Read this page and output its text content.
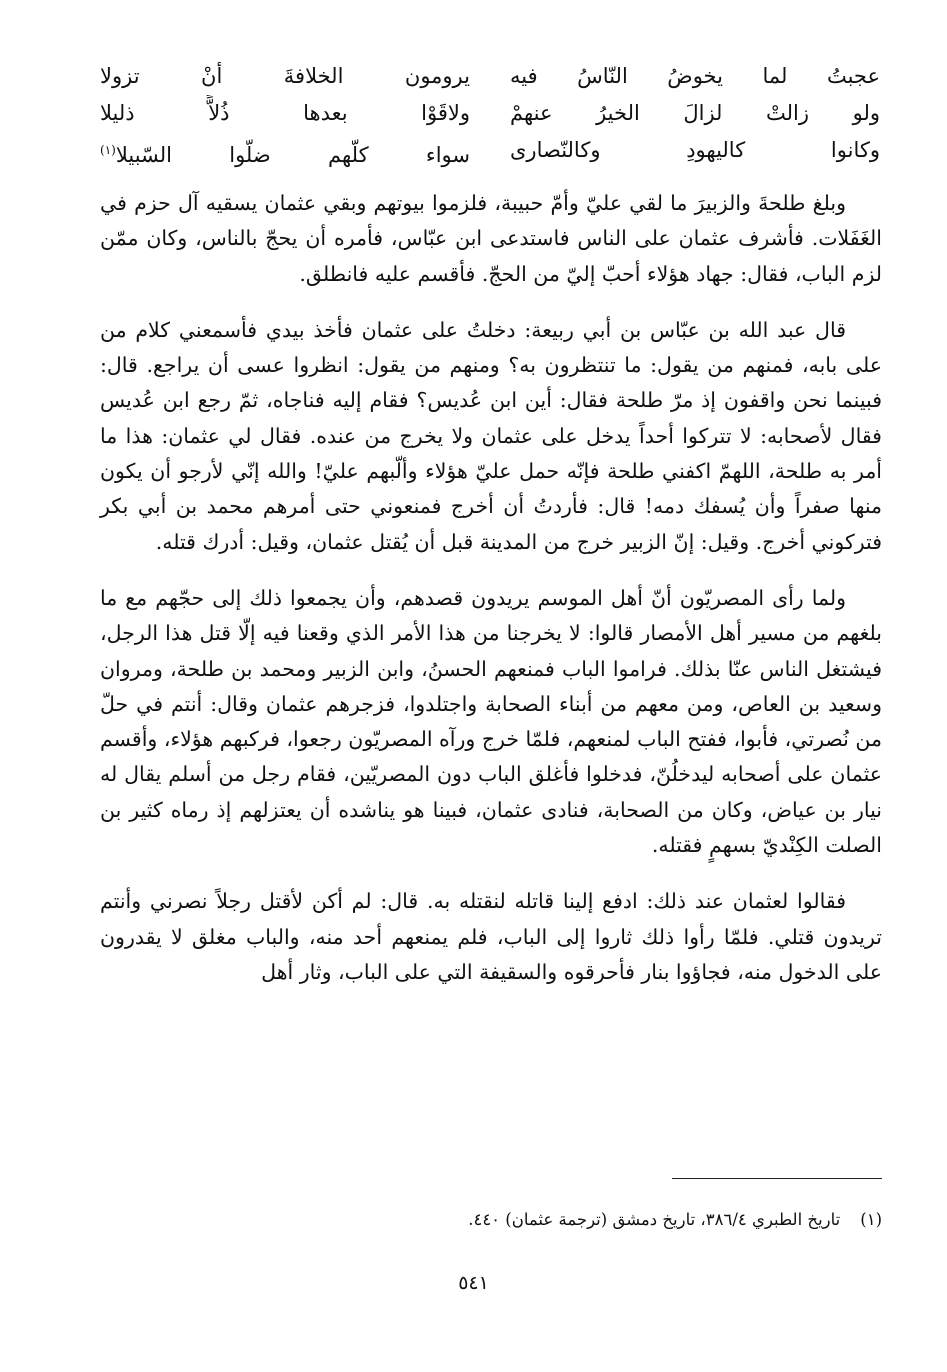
عجبتُ لما يخوضُ النّاسُ فيه
يرومون الخلافةَ أنْ تزولا
ولو زالتْ لزالَ الخيرُ عنهمْ
ولاقَوْا بعدها ذُلاًّ ذليلا
وكانوا كاليهودِ وكالنّصارى
سواء كلّهم ضلّوا السّبيلا$^{(١)}$

وبلغ طلحةَ والزبيرَ ما لقي عليّ وأمّ حبيبة، فلزموا بيوتهم وبقي عثمان يسقيه آل حزم في الغَفَلات. فأشرف عثمان على الناس فاستدعى ابن عبّاس، فأمره أن يحجّ بالناس، وكان ممّن لزم الباب، فقال: جهاد هؤلاء أحبّ إليّ من الحجّ. فأقسم عليه فانطلق.

قال عبد الله بن عبّاس بن أبي ربيعة: دخلتُ على عثمان فأخذ بيدي فأسمعني كلام من على بابه، فمنهم من يقول: ما تنتظرون به؟ ومنهم من يقول: انظروا عسى أن يراجع. قال: فبينما نحن واقفون إذ مرّ طلحة فقال: أين ابن عُديس؟ فقام إليه فناجاه، ثمّ رجع ابن عُديس فقال لأصحابه: لا تتركوا أحداً يدخل على عثمان ولا يخرج من عنده. فقال لي عثمان: هذا ما أمر به طلحة، اللهمّ اكفني طلحة فإنّه حمل عليّ هؤلاء وألّبهم عليّ! والله إنّي لأرجو أن يكون منها صفراً وأن يُسفك دمه! قال: فأردتُ أن أخرج فمنعوني حتى أمرهم محمد بن أبي بكر فتركوني أخرج. وقيل: إنّ الزبير خرج من المدينة قبل أن يُقتل عثمان، وقيل: أدرك قتله.

ولما رأى المصريّون أنّ أهل الموسم يريدون قصدهم، وأن يجمعوا ذلك إلى حجّهم مع ما بلغهم من مسير أهل الأمصار قالوا: لا يخرجنا من هذا الأمر الذي وقعنا فيه إلّا قتل هذا الرجل، فيشتغل الناس عنّا بذلك. فراموا الباب فمنعهم الحسنُ، وابن الزبير ومحمد بن طلحة، ومروان وسعيد بن العاص، ومن معهم من أبناء الصحابة واجتلدوا، فزجرهم عثمان وقال: أنتم في حلّ من نُصرتي، فأبوا، ففتح الباب لمنعهم، فلمّا خرج ورآه المصريّون رجعوا، فركبهم هؤلاء، وأقسم عثمان على أصحابه ليدخلُنّ، فدخلوا فأغلق الباب دون المصريّين، فقام رجل من أسلم يقال له نيار بن عياض، وكان من الصحابة، فنادى عثمان، فبينا هو يناشده أن يعتزلهم إذ رماه كثير بن الصلت الكِنْديّ بسهمٍ فقتله.

فقالوا لعثمان عند ذلك: ادفع إلينا قاتله لنقتله به. قال: لم أكن لأقتل رجلاً نصرني وأنتم تريدون قتلي. فلمّا رأوا ذلك ثاروا إلى الباب، فلم يمنعهم أحد منه، والباب مغلق لا يقدرون على الدخول منه، فجاؤوا بنار فأحرقوه والسقيفة التي على الباب، وثار أهل

(١)تاريخ الطبري ٣٨٦/٤، تاريخ دمشق (ترجمة عثمان) ٤٤٠.
٥٤١
